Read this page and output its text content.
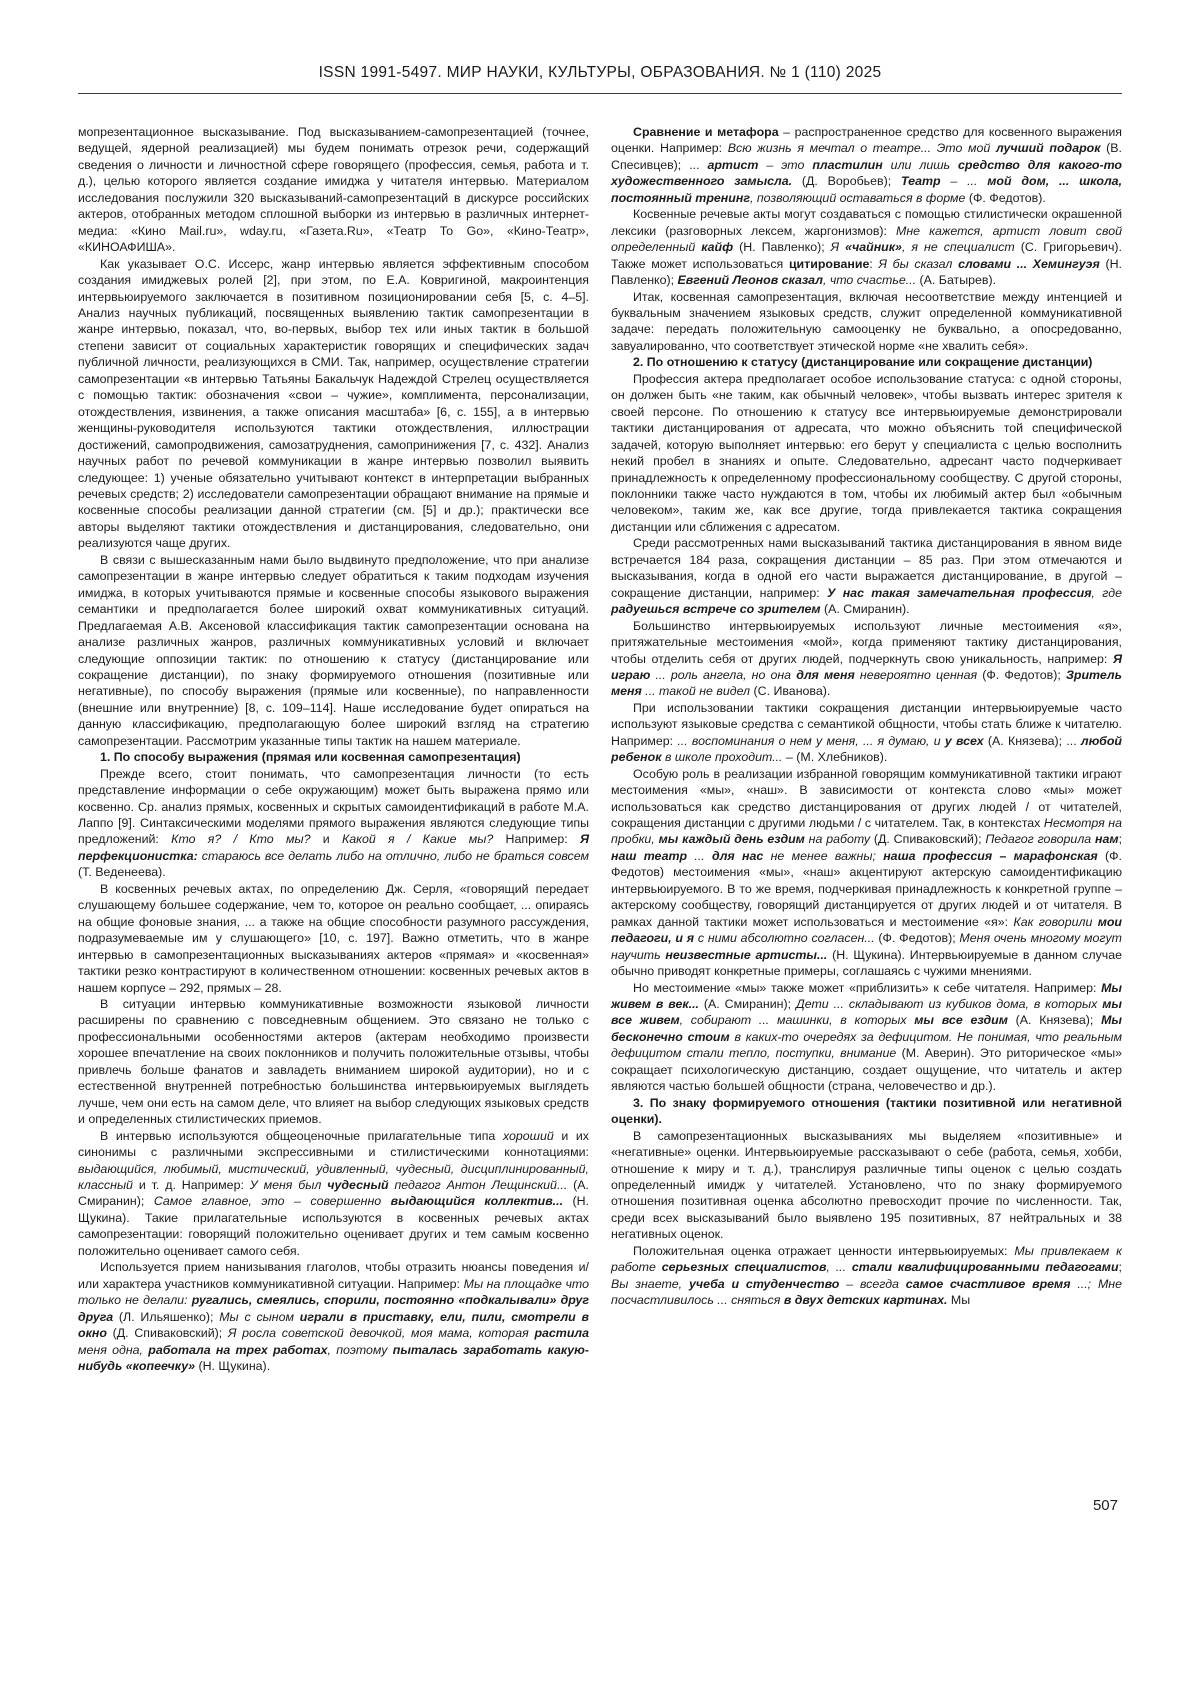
ISSN 1991-5497. МИР НАУКИ, КУЛЬТУРЫ, ОБРАЗОВАНИЯ. № 1 (110) 2025

мопрезентационное высказывание. Под высказыванием-самопрезентацией (точнее, ведущей, ядерной реализацией) мы будем понимать отрезок речи, содержащий сведения о личности и личностной сфере говорящего (профессия, семья, работа и т. д.), целью которого является создание имиджа у читателя интервью. Материалом исследования послужили 320 высказываний-самопрезентаций в дискурсе российских актеров, отобранных методом сплошной выборки из интервью в различных интернет-медиа: «Кино Mail.ru», wday.ru, «Газета.Ru», «Театр То Go», «Кино-Театр», «КИНОАФИША».

Как указывает О.С. Иссерс, жанр интервью является эффективным способом создания имиджевых ролей [2], при этом, по Е.А. Ковригиной, макроинтенция интервьюируемого заключается в позитивном позиционировании себя [5, с. 4–5]. Анализ научных публикаций, посвященных выявлению тактик самопрезентации в жанре интервью, показал, что, во-первых, выбор тех или иных тактик в большой степени зависит от социальных характеристик говорящих и специфических задач публичной личности, реализующихся в СМИ. Так, например, осуществление стратегии самопрезентации «в интервью Татьяны Бакальчук Надеждой Стрелец осуществляется с помощью тактик: обозначения «свои – чужие», комплимента, персонализации, отождествления, извинения, а также описания масштаба» [6, с. 155], а в интервью женщины-руководителя используются тактики отождествления, иллюстрации достижений, самопродвижения, самозатруднения, самопринижения [7, с. 432]. Анализ научных работ по речевой коммуникации в жанре интервью позволил выявить следующее: 1) ученые обязательно учитывают контекст в интерпретации выбранных речевых средств; 2) исследователи самопрезентации обращают внимание на прямые и косвенные способы реализации данной стратегии (см. [5] и др.); практически все авторы выделяют тактики отождествления и дистанцирования, следовательно, они реализуются чаще других.

В связи с вышесказанным нами было выдвинуто предположение, что при анализе самопрезентации в жанре интервью следует обратиться к таким подходам изучения имиджа, в которых учитываются прямые и косвенные способы языкового выражения семантики и предполагается более широкий охват коммуникативных ситуаций. Предлагаемая А.В. Аксеновой классификация тактик самопрезентации основана на анализе различных жанров, различных коммуникативных условий и включает следующие оппозиции тактик: по отношению к статусу (дистанцирование или сокращение дистанции), по знаку формируемого отношения (позитивные или негативные), по способу выражения (прямые или косвенные), по направленности (внешние или внутренние) [8, с. 109–114]. Наше исследование будет опираться на данную классификацию, предполагающую более широкий взгляд на стратегию самопрезентации. Рассмотрим указанные типы тактик на нашем материале.

1. По способу выражения (прямая или косвенная самопрезентация)

Прежде всего, стоит понимать, что самопрезентация личности (то есть представление информации о себе окружающим) может быть выражена прямо или косвенно. Ср. анализ прямых, косвенных и скрытых самоидентификаций в работе М.А. Лаппо [9]. Синтаксическими моделями прямого выражения являются следующие типы предложений: Кто я? / Кто мы? и Какой я / Какие мы? Например: Я перфекционистка: стараюсь все делать либо на отлично, либо не браться совсем (Т. Веденеева).

В косвенных речевых актах, по определению Дж. Серля, «говорящий передает слушающему большее содержание, чем то, которое он реально сообщает, ... опираясь на общие фоновые знания, ... а также на общие способности разумного рассуждения, подразумеваемые им у слушающего» [10, с. 197]. Важно отметить, что в жанре интервью в самопрезентационных высказываниях актеров «прямая» и «косвенная» тактики резко контрастируют в количественном отношении: косвенных речевых актов в нашем корпусе – 292, прямых – 28.

В ситуации интервью коммуникативные возможности языковой личности расширены по сравнению с повседневным общением. Это связано не только с профессиональными особенностями актеров (актерам необходимо произвести хорошее впечатление на своих поклонников и получить положительные отзывы, чтобы привлечь больше фанатов и завладеть вниманием широкой аудитории), но и с естественной внутренней потребностью большинства интервьюируемых выглядеть лучше, чем они есть на самом деле, что влияет на выбор следующих языковых средств и определенных стилистических приемов.

В интервью используются общеоценочные прилагательные типа хороший и их синонимы с различными экспрессивными и стилистическими коннотациями: выдающийся, любимый, мистический, удивленный, чудесный, дисциплинированный, классный и т. д. Например: У меня был чудесный педагог Антон Лещинский... (А. Смиранин); Самое главное, это – совершенно выдающийся коллектив... (Н. Щукина). Такие прилагательные используются в косвенных речевых актах самопрезентации: говорящий положительно оценивает других и тем самым косвенно положительно оценивает самого себя.

Используется прием нанизывания глаголов, чтобы отразить нюансы поведения и/или характера участников коммуникативной ситуации. Например: Мы на площадке что только не делали: ругались, смеялись, спорили, постоянно «подкалывали» друг друга (Л. Ильяшенко); Мы с сыном играли в приставку, ели, пили, смотрели в окно (Д. Спиваковский); Я росла советской девочкой, моя мама, которая растила меня одна, работала на трех работах, поэтому пыталась заработать какую-нибудь «копеечку» (Н. Щукина).

Сравнение и метафора – распространенное средство для косвенного выражения оценки. Например: Всю жизнь я мечтал о театре... Это мой лучший подарок (В. Спесивцев); ... артист – это пластилин или лишь средство для какого-то художественного замысла. (Д. Воробьев); Театр – ... мой дом, ... школа, постоянный тренинг, позволяющий оставаться в форме (Ф. Федотов).

Косвенные речевые акты могут создаваться с помощью стилистически окрашенной лексики (разговорных лексем, жаргонизмов): Мне кажется, артист ловит свой определенный кайф (Н. Павленко); Я «чайник», я не специалист (С. Григорьевич). Также может использоваться цитирование: Я бы сказал словами ... Хемингуэя (Н. Павленко); Евгений Леонов сказал, что счастье... (А. Батырев).

Итак, косвенная самопрезентация, включая несоответствие между интенцией и буквальным значением языковых средств, служит определенной коммуникативной задаче: передать положительную самооценку не буквально, а опосредованно, завуалированно, что соответствует этической норме «не хвалить себя».

2. По отношению к статусу (дистанцирование или сокращение дистанции)

Профессия актера предполагает особое использование статуса: с одной стороны, он должен быть «не таким, как обычный человек», чтобы вызвать интерес зрителя к своей персоне. По отношению к статусу все интервьюируемые демонстрировали тактики дистанцирования от адресата, что можно объяснить той специфической задачей, которую выполняет интервью: его берут у специалиста с целью восполнить некий пробел в знаниях и опыте. Следовательно, адресант часто подчеркивает принадлежность к определенному профессиональному сообществу. С другой стороны, поклонники также часто нуждаются в том, чтобы их любимый актер был «обычным человеком», таким же, как все другие, тогда привлекается тактика сокращения дистанции или сближения с адресатом.

Среди рассмотренных нами высказываний тактика дистанцирования в явном виде встречается 184 раза, сокращения дистанции – 85 раз. При этом отмечаются и высказывания, когда в одной его части выражается дистанцирование, в другой – сокращение дистанции, например: У нас такая замечательная профессия, где радуешься встрече со зрителем (А. Смиранин).

Большинство интервьюируемых используют личные местоимения «я», притяжательные местоимения «мой», когда применяют тактику дистанцирования, чтобы отделить себя от других людей, подчеркнуть свою уникальность, например: Я играю ... роль ангела, но она для меня невероятно ценная (Ф. Федотов); Зритель меня ... такой не видел (С. Иванова).

При использовании тактики сокращения дистанции интервьюируемые часто используют языковые средства с семантикой общности, чтобы стать ближе к читателю. Например: ... воспоминания о нем у меня, ... я думаю, и у всех (А. Князева); ... любой ребенок в школе проходит... – (М. Хлебников).

Особую роль в реализации избранной говорящим коммуникативной тактики играют местоимения «мы», «наш». В зависимости от контекста слово «мы» может использоваться как средство дистанцирования от других людей / от читателей, сокращения дистанции с другими людьми / с читателем. Так, в контекстах Несмотря на пробки, мы каждый день ездим на работу (Д. Спиваковский); Педагог говорила нам; наш театр ... для нас не менее важны; наша профессия – марафонская (Ф. Федотов) местоимения «мы», «наш» акцентируют актерскую самоидентификацию интервьюируемого. В то же время, подчеркивая принадлежность к конкретной группе – актерскому сообществу, говорящий дистанцируется от других людей и от читателя. В рамках данной тактики может использоваться и местоимение «я»: Как говорили мои педагоги, и я с ними абсолютно согласен... (Ф. Федотов); Меня очень многому могут научить неизвестные артисты... (Н. Щукина). Интервьюируемые в данном случае обычно приводят конкретные примеры, соглашаясь с чужими мнениями.

Но местоимение «мы» также может «приблизить» к себе читателя. Например: Мы живем в век... (А. Смиранин); Дети ... складывают из кубиков дома, в которых мы все живем, собирают ... машинки, в которых мы все ездим (А. Князева); Мы бесконечно стоим в каких-то очередях за дефицитом. Не понимая, что реальным дефицитом стали тепло, поступки, внимание (М. Аверин). Это риторическое «мы» сокращает психологическую дистанцию, создает ощущение, что читатель и актер являются частью большей общности (страна, человечество и др.).

3. По знаку формируемого отношения (тактики позитивной или негативной оценки).

В самопрезентационных высказываниях мы выделяем «позитивные» и «негативные» оценки. Интервьюируемые рассказывают о себе (работа, семья, хобби, отношение к миру и т. д.), транслируя различные типы оценок с целью создать определенный имидж у читателей. Установлено, что по знаку формируемого отношения позитивная оценка абсолютно превосходит прочие по численности. Так, среди всех высказываний было выявлено 195 позитивных, 87 нейтральных и 38 негативных оценок.

Положительная оценка отражает ценности интервьюируемых: Мы привлекаем к работе серьезных специалистов, ... стали квалифицированными педагогами; Вы знаете, учеба и студенчество – всегда самое счастливое время ...; Мне посчастливилось ... сняться в двух детских картинах. Мы

507
